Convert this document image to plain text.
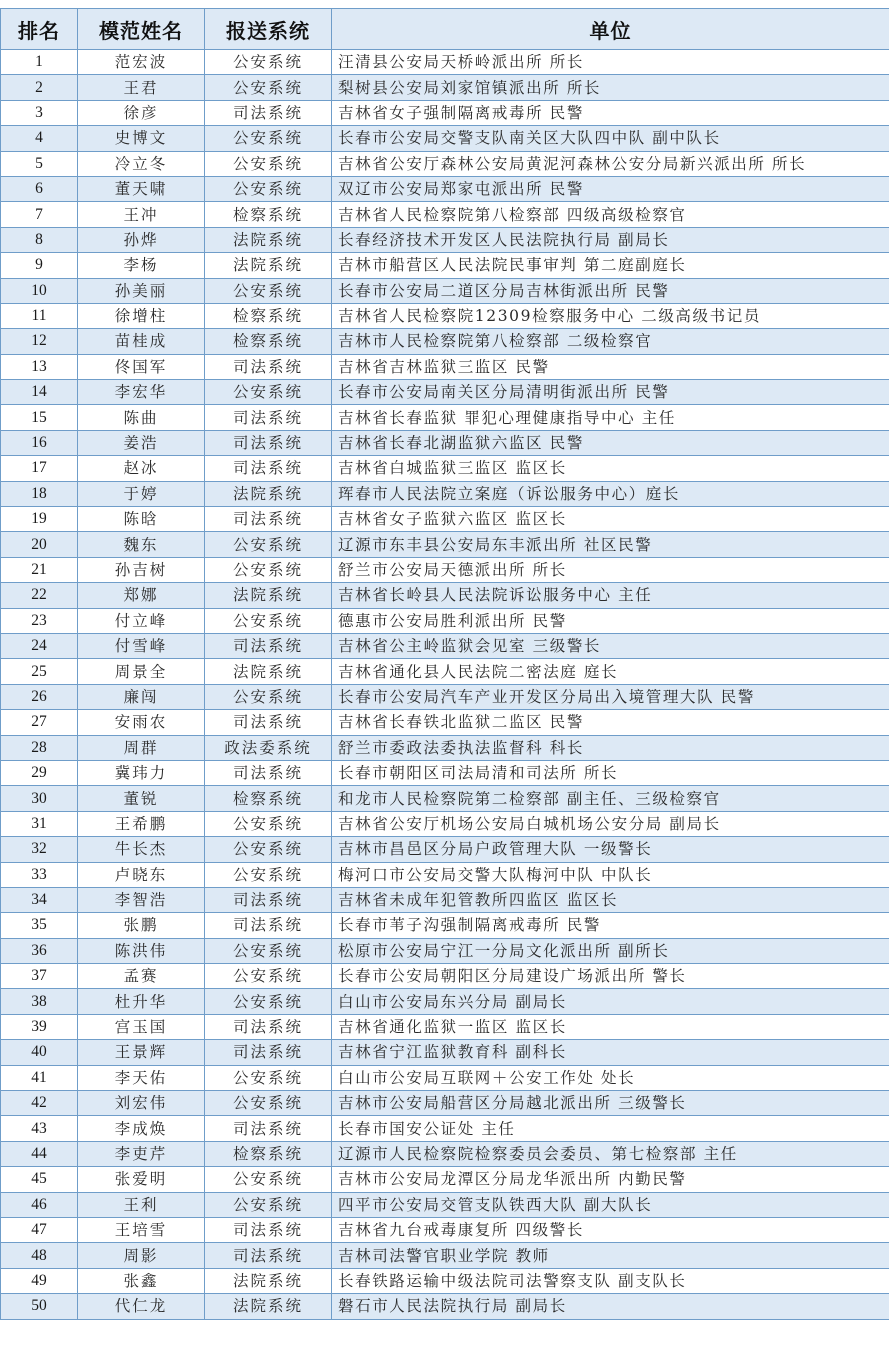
排名	模范姓名	报送系统	单位
1	范宏波	公安系统	汪清县公安局天桥岭派出所 所长
2	王君	公安系统	梨树县公安局刘家馆镇派出所 所长
3	徐彦	司法系统	吉林省女子强制隔离戒毒所 民警
4	史博文	公安系统	长春市公安局交警支队南关区大队四中队 副中队长
5	冷立冬	公安系统	吉林省公安厅森林公安局黄泥河森林公安分局新兴派出所 所长
6	董天啸	公安系统	双辽市公安局郑家屯派出所 民警
7	王冲	检察系统	吉林省人民检察院第八检察部 四级高级检察官
8	孙烨	法院系统	长春经济技术开发区人民法院执行局 副局长
9	李杨	法院系统	吉林市船营区人民法院民事审判 第二庭副庭长
10	孙美丽	公安系统	长春市公安局二道区分局吉林街派出所 民警
11	徐增柱	检察系统	吉林省人民检察院12309检察服务中心 二级高级书记员
12	苗桂成	检察系统	吉林市人民检察院第八检察部 二级检察官
13	佟国军	司法系统	吉林省吉林监狱三监区 民警
14	李宏华	公安系统	长春市公安局南关区分局清明街派出所 民警
15	陈曲	司法系统	吉林省长春监狱 罪犯心理健康指导中心 主任
16	姜浩	司法系统	吉林省长春北湖监狱六监区 民警
17	赵冰	司法系统	吉林省白城监狱三监区 监区长
18	于婷	法院系统	珲春市人民法院立案庭（诉讼服务中心）庭长
19	陈晗	司法系统	吉林省女子监狱六监区 监区长
20	魏东	公安系统	辽源市东丰县公安局东丰派出所 社区民警
21	孙吉树	公安系统	舒兰市公安局天德派出所 所长
22	郑娜	法院系统	吉林省长岭县人民法院诉讼服务中心 主任
23	付立峰	公安系统	德惠市公安局胜利派出所 民警
24	付雪峰	司法系统	吉林省公主岭监狱会见室 三级警长
25	周景全	法院系统	吉林省通化县人民法院二密法庭 庭长
26	廉闯	公安系统	长春市公安局汽车产业开发区分局出入境管理大队 民警
27	安雨农	司法系统	吉林省长春铁北监狱二监区 民警
28	周群	政法委系统	舒兰市委政法委执法监督科 科长
29	冀玮力	司法系统	长春市朝阳区司法局清和司法所 所长
30	董锐	检察系统	和龙市人民检察院第二检察部 副主任、三级检察官
31	王希鹏	公安系统	吉林省公安厅机场公安局白城机场公安分局 副局长
32	牛长杰	公安系统	吉林市昌邑区分局户政管理大队 一级警长
33	卢晓东	公安系统	梅河口市公安局交警大队梅河中队 中队长
34	李智浩	司法系统	吉林省未成年犯管教所四监区 监区长
35	张鹏	司法系统	长春市苇子沟强制隔离戒毒所 民警
36	陈洪伟	公安系统	松原市公安局宁江一分局文化派出所 副所长
37	孟赛	公安系统	长春市公安局朝阳区分局建设广场派出所 警长
38	杜升华	公安系统	白山市公安局东兴分局 副局长
39	宫玉国	司法系统	吉林省通化监狱一监区 监区长
40	王景辉	司法系统	吉林省宁江监狱教育科 副科长
41	李天佑	公安系统	白山市公安局互联网＋公安工作处 处长
42	刘宏伟	公安系统	吉林市公安局船营区分局越北派出所 三级警长
43	李成焕	司法系统	长春市国安公证处 主任
44	李吏芹	检察系统	辽源市人民检察院检察委员会委员、第七检察部 主任
45	张爱明	公安系统	吉林市公安局龙潭区分局龙华派出所 内勤民警
46	王利	公安系统	四平市公安局交管支队铁西大队 副大队长
47	王培雪	司法系统	吉林省九台戒毒康复所 四级警长
48	周影	司法系统	吉林司法警官职业学院 教师
49	张鑫	法院系统	长春铁路运输中级法院司法警察支队 副支队长
50	代仁龙	法院系统	磐石市人民法院执行局 副局长
